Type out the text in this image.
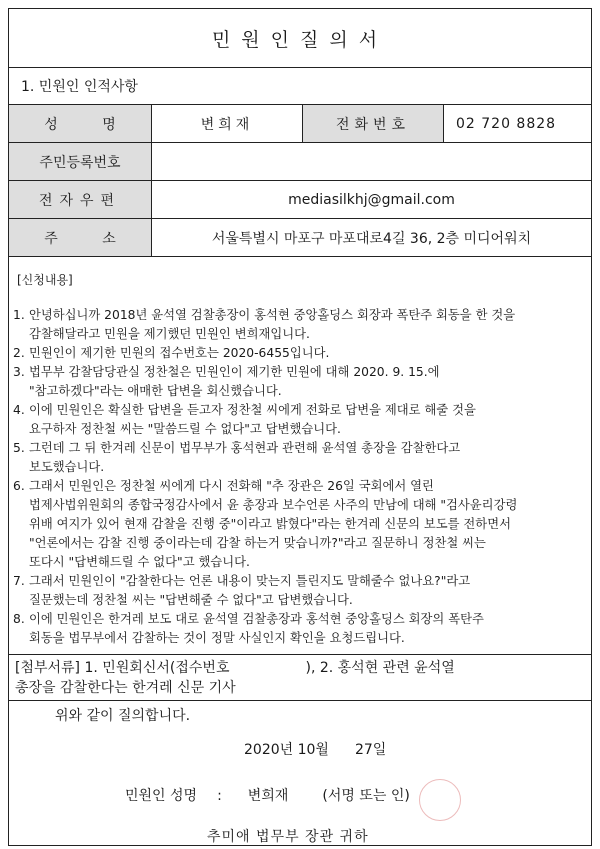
민원인질의서
1. 민원인 인적사항
성 명	변희재	전화번호	02 720 8828
주민등록번호
전자우편	mediasilkhj@gmail.com
주 소	서울특별시 마포구 마포대로4길 36, 2층 미디어워치
[신청내용]
1. 안녕하십니까 2018년 윤석열 검찰총장이 홍석현 중앙홀딩스 회장과 폭탄주 회동을 한 것을
감찰해달라고 민원을 제기했던 민원인 변희재입니다.
2. 민원인이 제기한 민원의 접수번호는 2020-6455입니다.
3. 법무부 감찰담당관실 정찬철은 민원인이 제기한 민원에 대해 2020. 9. 15.에
"참고하겠다"라는 애매한 답변을 회신했습니다.
4. 이에 민원인은 확실한 답변을 듣고자 정찬철 씨에게 전화로 답변을 제대로 해줄 것을
요구하자 정찬철 씨는 "말씀드릴 수 없다"고 답변했습니다.
5. 그런데 그 뒤 한겨레 신문이 법무부가 홍석현과 관련해 윤석열 총장을 감찰한다고
보도했습니다.
6. 그래서 민원인은 정찬철 씨에게 다시 전화해 "추 장관은 26일 국회에서 열린
법제사법위원회의 종합국정감사에서 윤 총장과 보수언론 사주의 만남에 대해 "검사윤리강령
위배 여지가 있어 현재 감찰을 진행 중"이라고 밝혔다"라는 한겨레 신문의 보도를 전하면서
"언론에서는 감찰 진행 중이라는데 감찰 하는거 맞습니까?"라고 질문하니 정찬철 씨는
또다시 "답변해드릴 수 없다"고 했습니다.
7. 그래서 민원인이 "감찰한다는 언론 내용이 맞는지 틀린지도 말해줄수 없나요?"라고
질문했는데 정찬철 씨는 "답변해줄 수 없다"고 답변했습니다.
8. 이에 민원인은 한겨레 보도 대로 윤석열 검찰총장과 홍석현 중앙홀딩스 회장의 폭탄주
회동을 법무부에서 감찰하는 것이 정말 사실인지 확인을 요청드립니다.
[첨부서류] 1. 민원회신서(접수번호	), 2. 홍석현 관련 윤석열
총장을 감찰한다는 한겨레 신문 기사
위와 같이 질의합니다.
2020년 10월 27일
민원인 성명 : 변희재 (서명 또는 인)
추미애 법무부 장관 귀하
